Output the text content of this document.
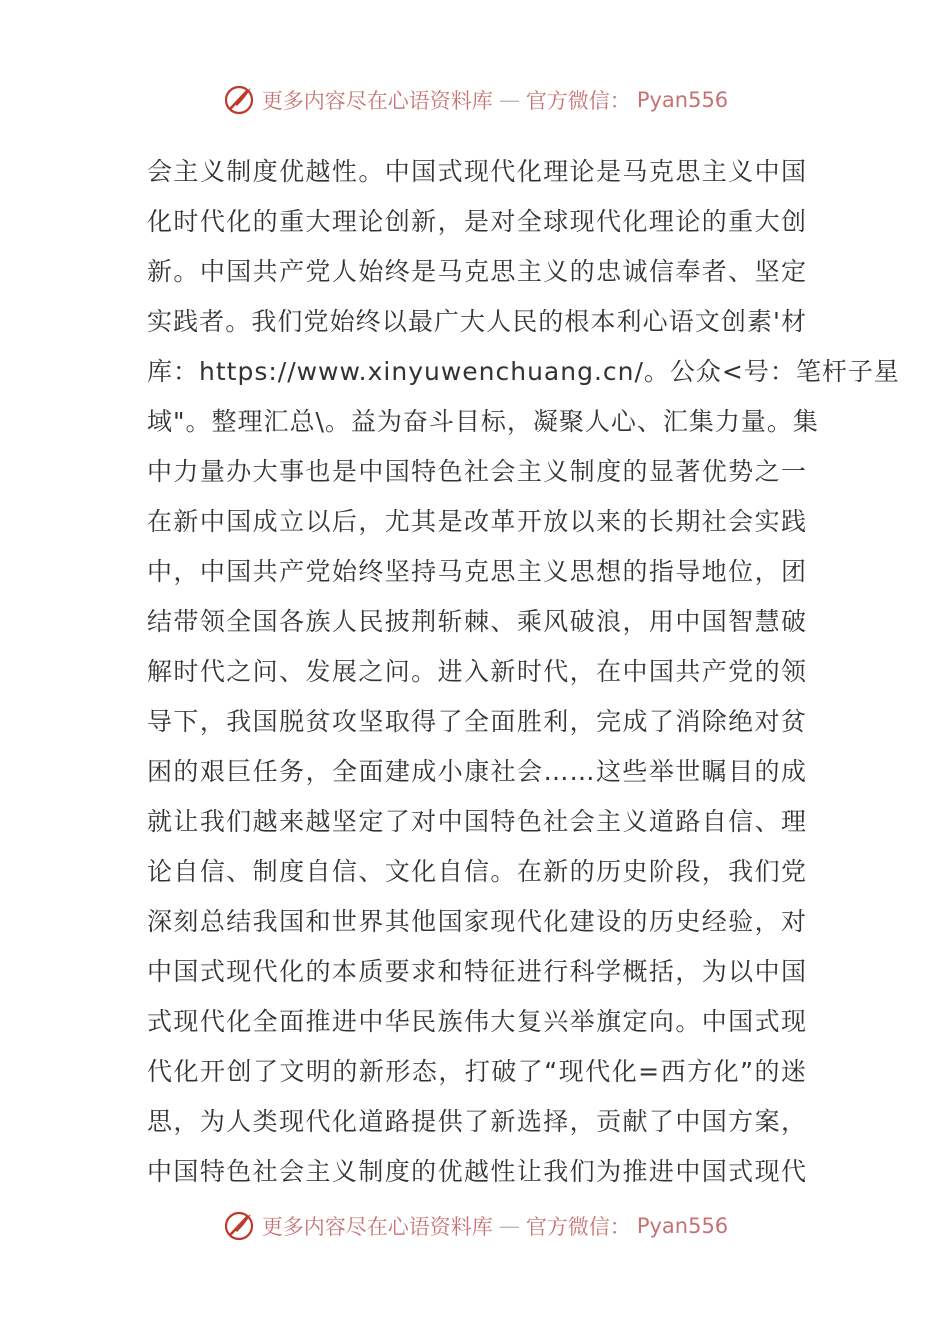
更多内容尽在心语资料库 — 官方微信： Pyan556
会主义制度优越性。中国式现代化理论是马克思主义中国
化时代化的重大理论创新，是对全球现代化理论的重大创
新。中国共产党人始终是马克思主义的忠诚信奉者、坚定
实践者。我们党始终以最广大人民的根本利心语文创素'材
库：https://www.xinyuwenchuang.cn/。公众<号：笔杆子星
域"。整理汇总\。益为奋斗目标，凝聚人心、汇集力量。集
中力量办大事也是中国特色社会主义制度的显著优势之一
在新中国成立以后，尤其是改革开放以来的长期社会实践
中，中国共产党始终坚持马克思主义思想的指导地位，团
结带领全国各族人民披荆斩棘、乘风破浪，用中国智慧破
解时代之问、发展之问。进入新时代，在中国共产党的领
导下，我国脱贫攻坚取得了全面胜利，完成了消除绝对贫
困的艰巨任务，全面建成小康社会……这些举世瞩目的成
就让我们越来越坚定了对中国特色社会主义道路自信、理
论自信、制度自信、文化自信。在新的历史阶段，我们党
深刻总结我国和世界其他国家现代化建设的历史经验，对
中国式现代化的本质要求和特征进行科学概括，为以中国
式现代化全面推进中华民族伟大复兴举旗定向。中国式现
代化开创了文明的新形态，打破了“现代化=西方化”的迷
思，为人类现代化道路提供了新选择，贡献了中国方案，
中国特色社会主义制度的优越性让我们为推进中国式现代
更多内容尽在心语资料库 — 官方微信： Pyan556
